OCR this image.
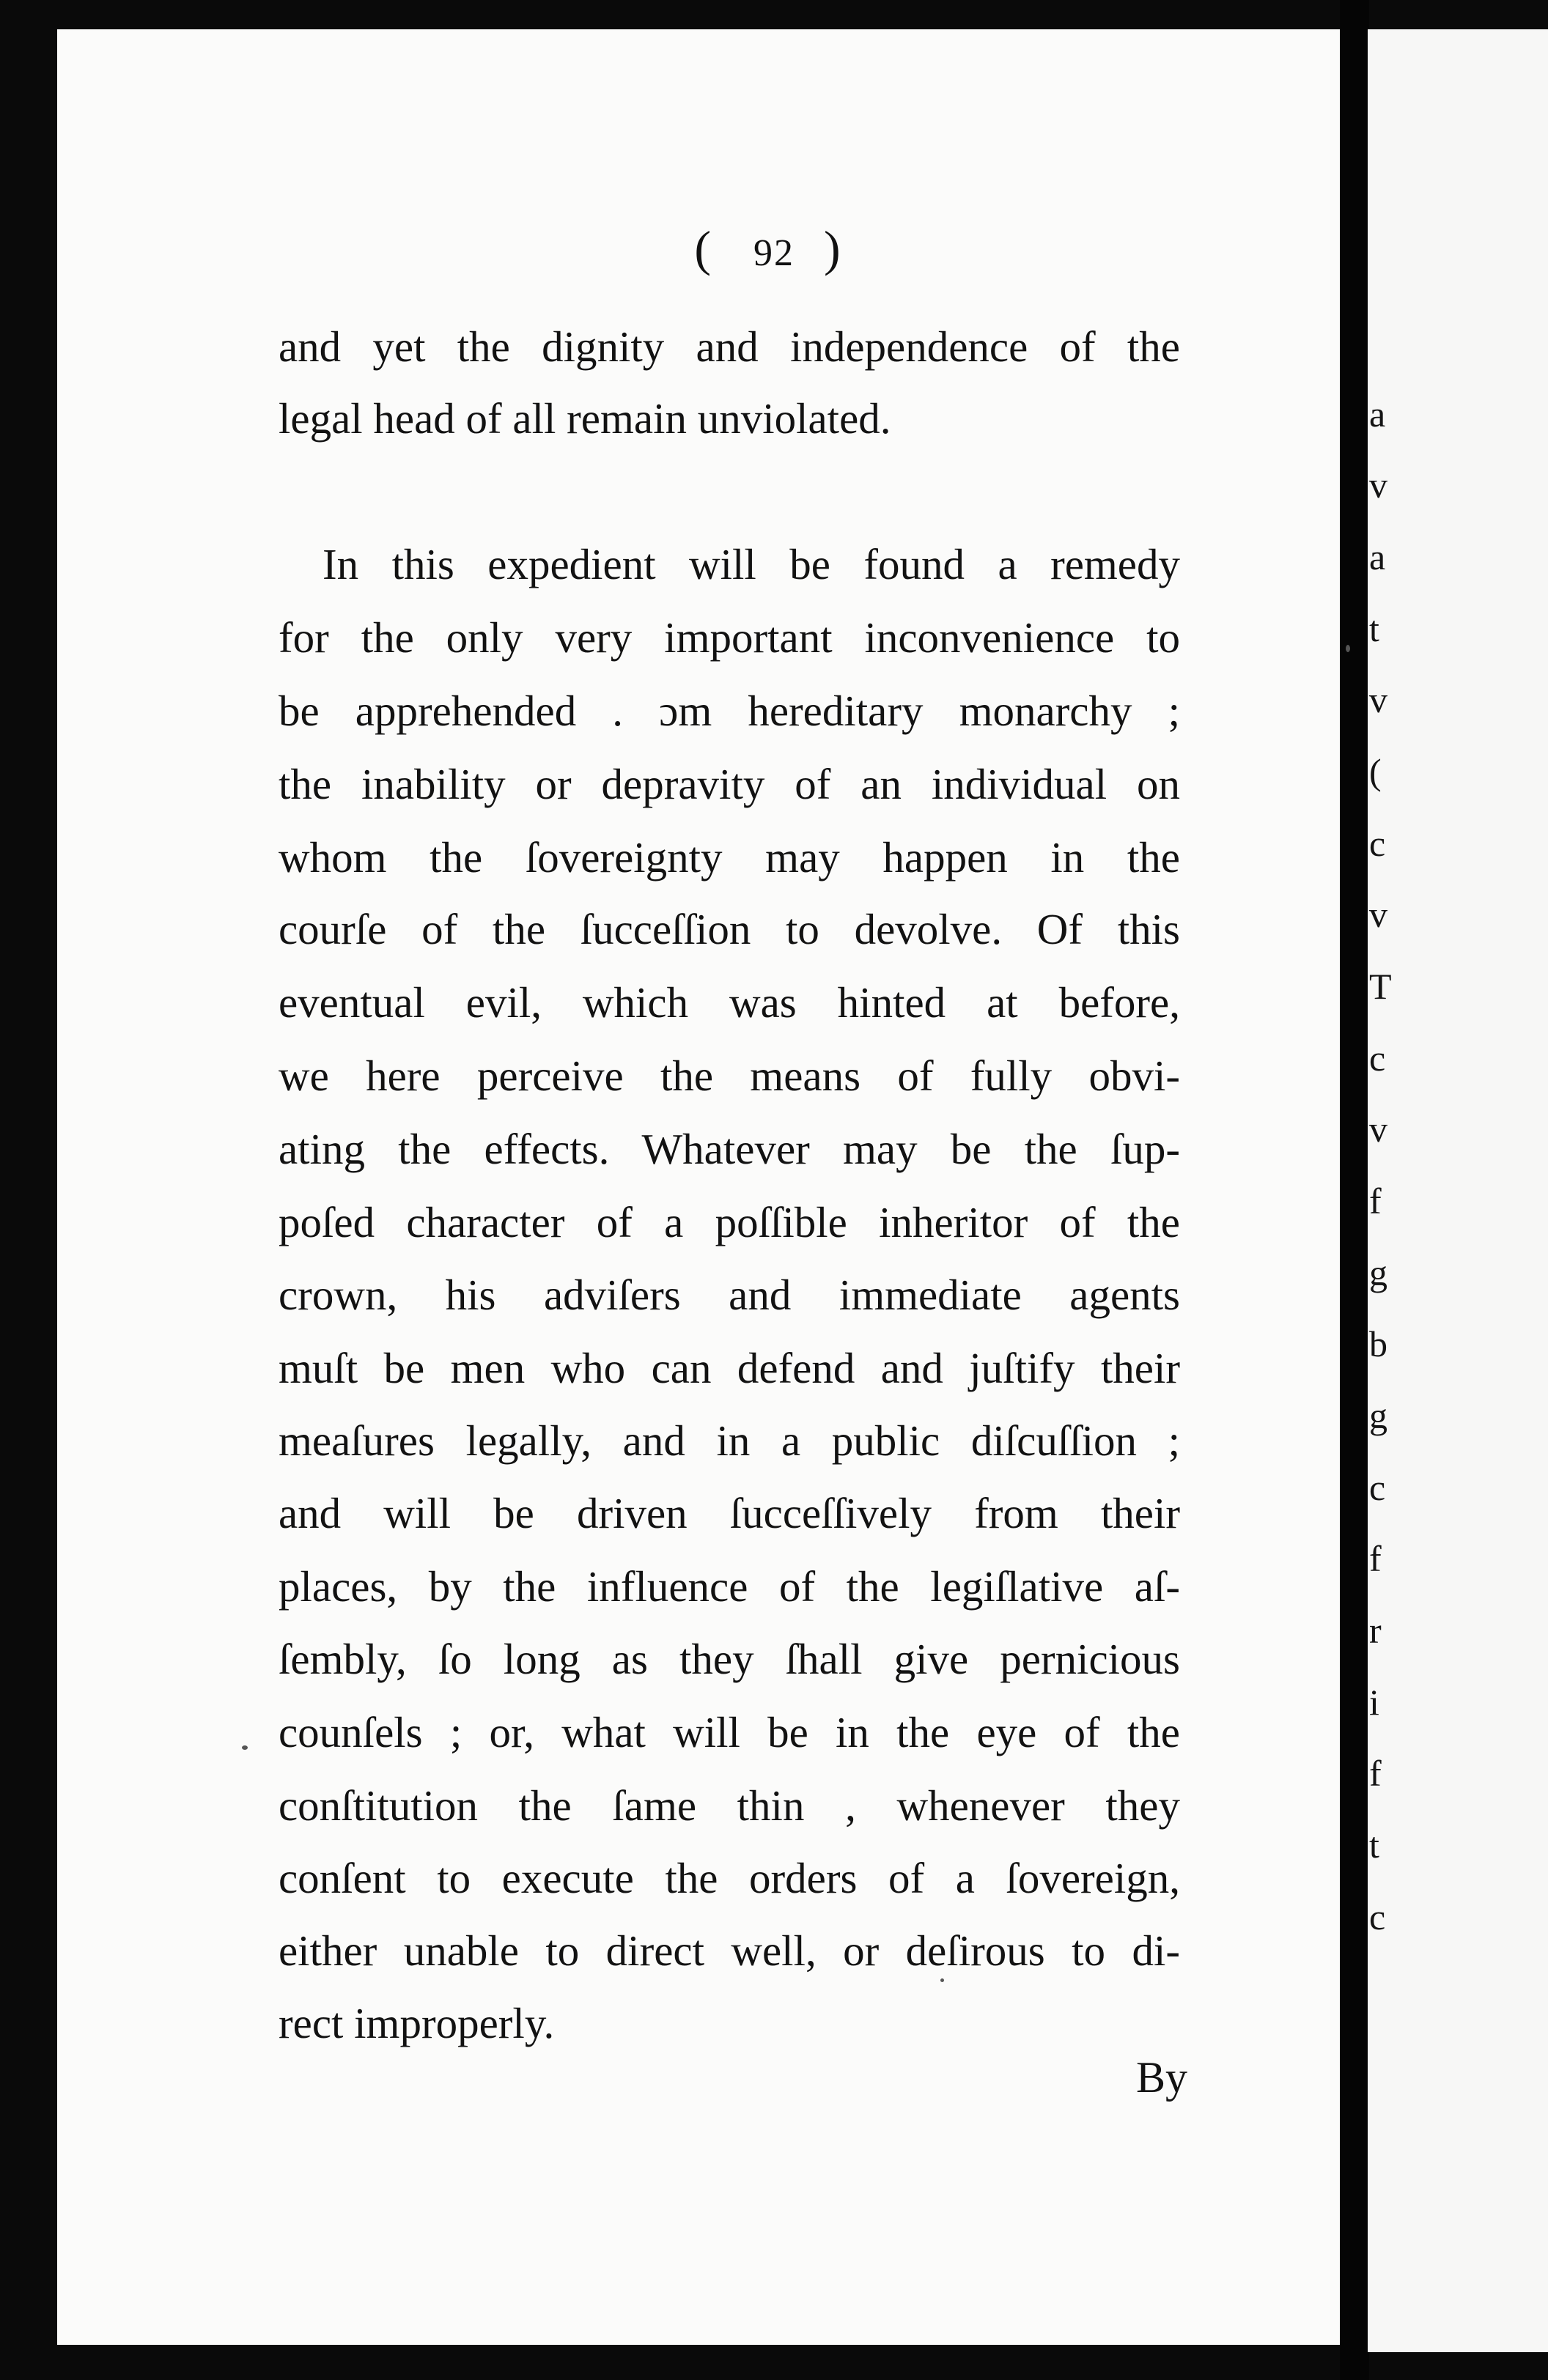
a
v
a
t
v
(
c
v
T
c
v
f
g
b
g
c
f
r
i
f
t
c
( 92 )
and yet the dignity and independence of the
legal head of all remain unviolated.
In this expedient will be found a remedy
for the only very important inconvenience to
be apprehended . ɔm hereditary monarchy ;
the inability or depravity of an individual on
whom the ſovereignty may happen in the
courſe of the ſucceſſion to devolve. Of this
eventual evil, which was hinted at before,
we here perceive the means of fully obvi-
ating the effects. Whatever may be the ſup-
poſed character of a poſſible inheritor of the
crown, his adviſers and immediate agents
muſt be men who can defend and juſtify their
meaſures legally, and in a public diſcuſſion ;
and will be driven ſucceſſively from their
places, by the influence of the legiſlative aſ-
ſembly, ſo long as they ſhall give pernicious
counſels ; or, what will be in the eye of the
conſtitution the ſame thin͏ , whenever they
conſent to execute the orders of a ſovereign,
either unable to direct well, or deſirous to di-
rect improperly.
By
